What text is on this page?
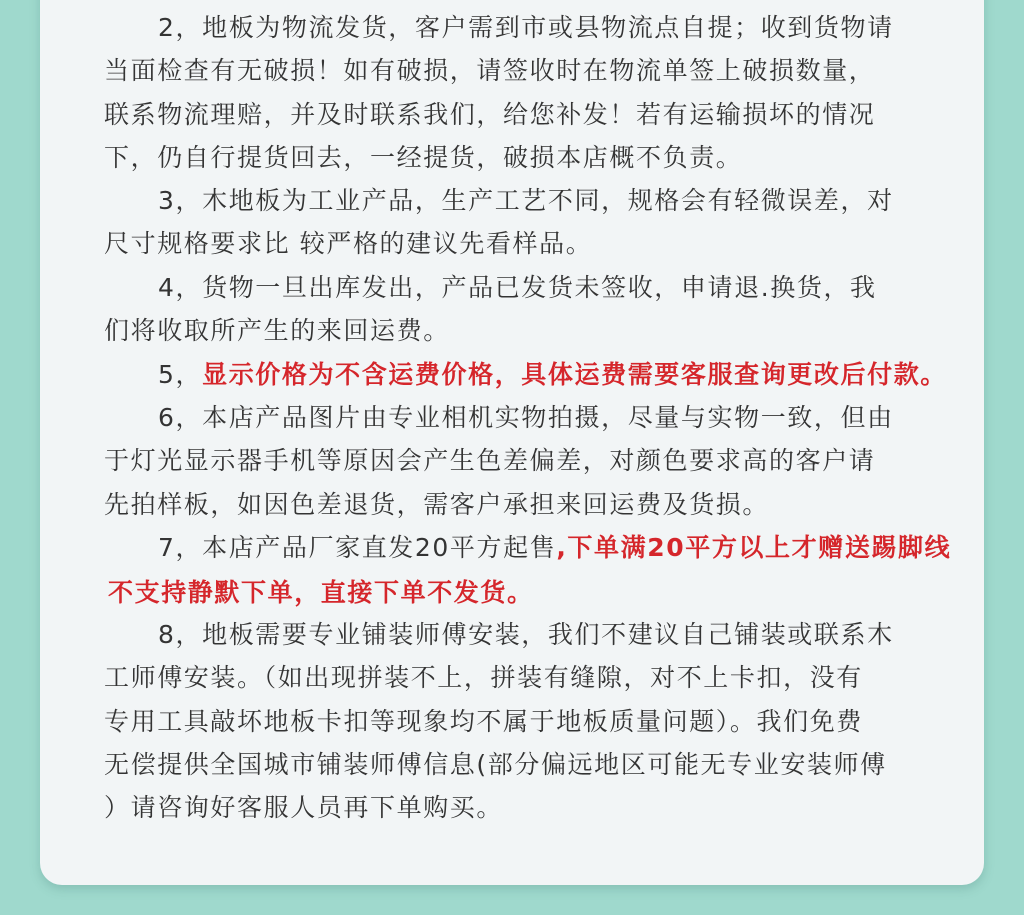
2，地板为物流发货，客户需到市或县物流点自提；收到货物请
当面检查有无破损！如有破损，请签收时在物流单签上破损数量，
联系物流理赔，并及时联系我们，给您补发！若有运输损坏的情况
下，仍自行提货回去，一经提货，破损本店概不负责。
3，木地板为工业产品，生产工艺不同，规格会有轻微误差，对
尺寸规格要求比 较严格的建议先看样品。
4，货物一旦出库发出，产品已发货未签收，申请退.换货，我
们将收取所产生的来回运费。
5，显示价格为不含运费价格，具体运费需要客服查询更改后付款。
6，本店产品图片由专业相机实物拍摄，尽量与实物一致，但由
于灯光显示器手机等原因会产生色差偏差，对颜色要求高的客户请
先拍样板，如因色差退货，需客户承担来回运费及货损。
7，本店产品厂家直发20平方起售,下单满20平方以上才赠送踢脚线
不支持静默下单，直接下单不发货。
8，地板需要专业铺装师傅安装，我们不建议自己铺装或联系木
工师傅安装。（如出现拼装不上，拼装有缝隙，对不上卡扣，没有
专用工具敲坏地板卡扣等现象均不属于地板质量问题）。我们免费
无偿提供全国城市铺装师傅信息(部分偏远地区可能无专业安装师傅
）请咨询好客服人员再下单购买。
